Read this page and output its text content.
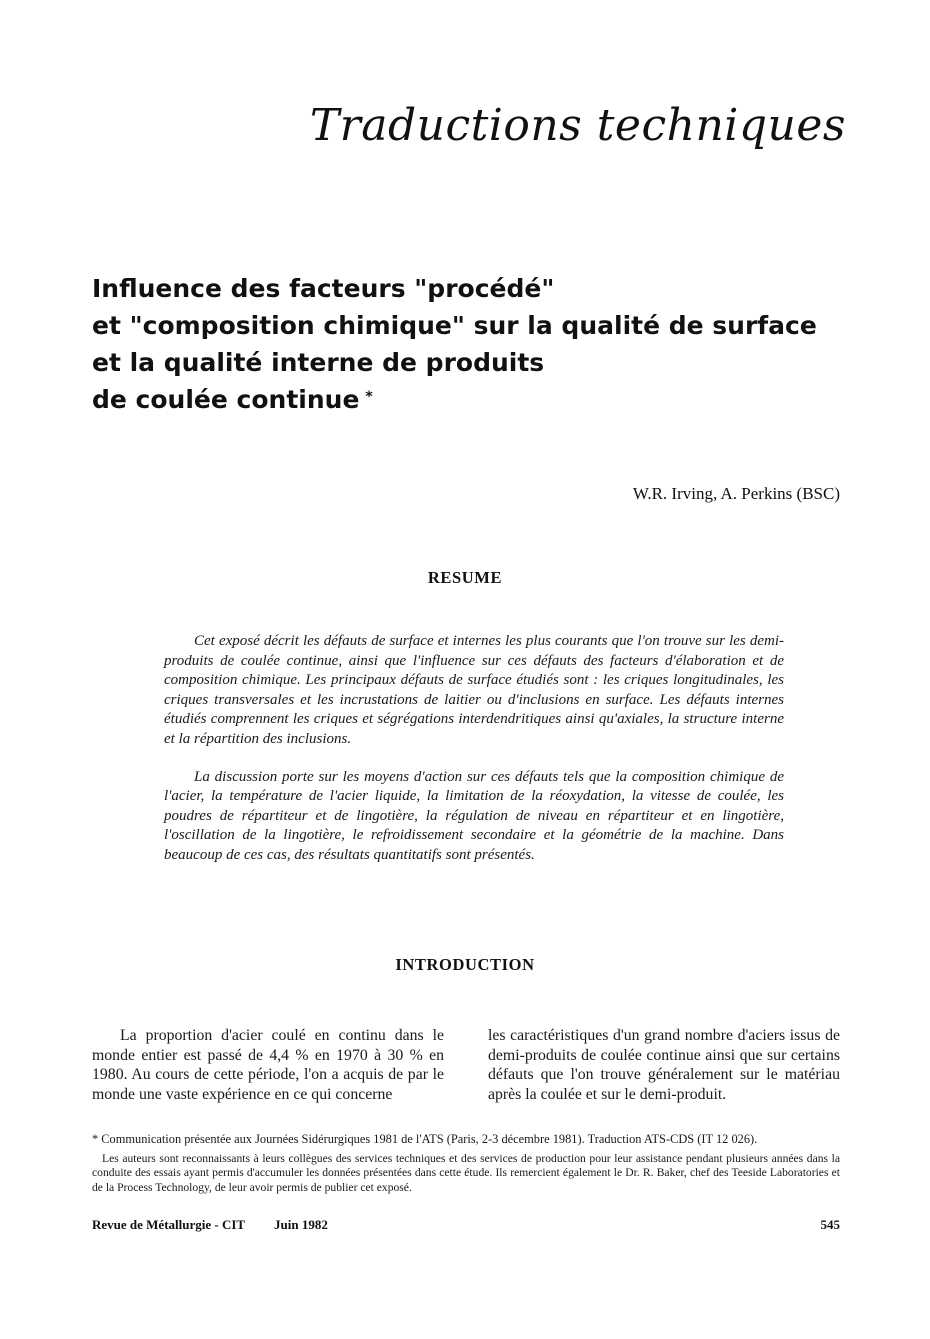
Traductions techniques
Influence des facteurs "procédé"
et "composition chimique" sur la qualité de surface
et la qualité interne de produits
de coulée continue *
W.R. Irving, A. Perkins (BSC)
RESUME

Cet exposé décrit les défauts de surface et internes les plus courants que l'on trouve sur les demi-produits de coulée continue, ainsi que l'influence sur ces défauts des facteurs d'élaboration et de composition chimique. Les principaux défauts de surface étudiés sont : les criques longitudinales, les criques transversales et les incrustations de laitier ou d'inclusions en surface. Les défauts internes étudiés comprennent les criques et ségrégations interdendritiques ainsi qu'axiales, la structure interne et la répartition des inclusions.

La discussion porte sur les moyens d'action sur ces défauts tels que la composition chimique de l'acier, la température de l'acier liquide, la limitation de la réoxydation, la vitesse de coulée, les poudres de répartiteur et de lingotière, la régulation de niveau en répartiteur et en lingotière, l'oscillation de la lingotière, le refroidissement secondaire et la géométrie de la machine. Dans beaucoup de ces cas, des résultats quantitatifs sont présentés.

INTRODUCTION

La proportion d'acier coulé en continu dans le monde entier est passé de 4,4 % en 1970 à 30 % en 1980. Au cours de cette période, l'on a acquis de par le monde une vaste expérience en ce qui concerne

les caractéristiques d'un grand nombre d'aciers issus de demi-produits de coulée continue ainsi que sur certains défauts que l'on trouve généralement sur le matériau après la coulée et sur le demi-produit.

* Communication présentée aux Journées Sidérurgiques 1981 de l'ATS (Paris, 2-3 décembre 1981). Traduction ATS-CDS (IT 12 026).

Les auteurs sont reconnaissants à leurs collègues des services techniques et des services de production pour leur assistance pendant plusieurs années dans la conduite des essais ayant permis d'accumuler les données présentées dans cette étude. Ils remercient également le Dr. R. Baker, chef des Teeside Laboratories et de la Process Technology, de leur avoir permis de publier cet exposé.

Revue de Métallurgie - CIT Juin 1982	545
